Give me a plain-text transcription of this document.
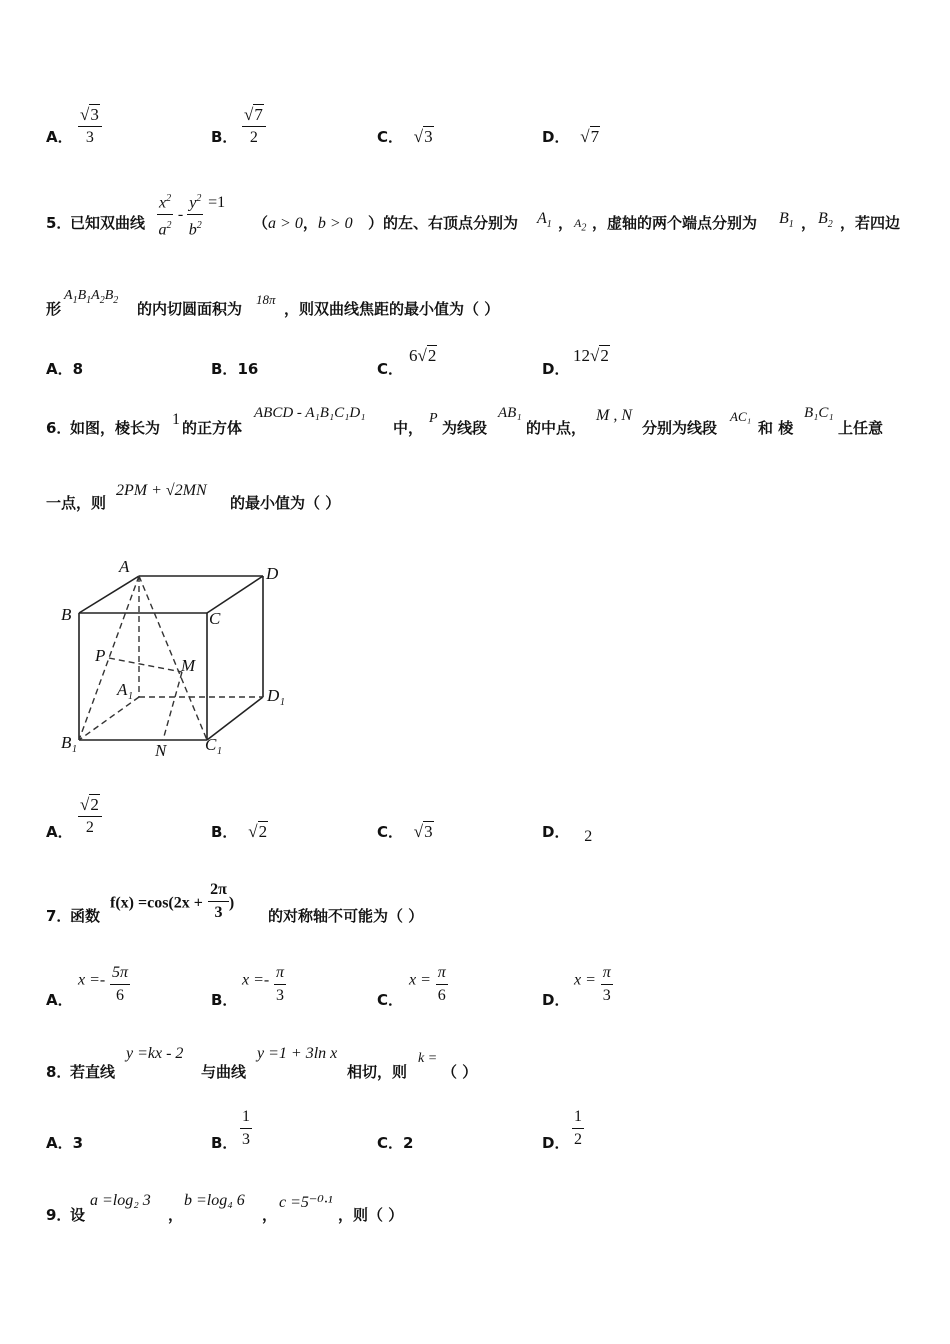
A． $\frac{√3}{3}$	B． $\frac{√7}{2}$	C． √3	D． √7
5．
已知双曲线 $\frac{x^2}{a^2} - \frac{y^2}{b^2} =1$
（a > 0，b > 0 ）的左、右顶点分别为 $A_1$ ， $A_2$ ，虚轴的两个端点分别为 $B_1$ ， $B_2$ ，若四边
形
$A_1B_1A_2B_2$ 的内切圆面积为
18π
，则双曲线焦距的最小值为（ ）
A．8	B．16	C．
6√2
D．
12√2
6．
如图，棱长为 1 的正方体
ABCD - A₁B₁C₁D₁
中，
P
为线段
AB₁
的中点，
M , N
分别为线段
AC₁
和 棱
B₁C₁
上任意
一点，则
2PM + √2MN
的最小值为（ ）
A
B	C
D
P
M
A 1	D 1
B 1	C 1
N
A． $\frac{√2}{2}$	B． √2	C． √3	D． 2
7．
函数
$f(x) =\cos(2x + \frac{2\pi}{3}$ )
的对称轴不可能为（ ）
A．
$x =- \frac{5\pi}{6}$	B．
$x =- \frac{\pi}{3}$	C．
$x = \frac{\pi}{6}$	D．
$x = \frac{\pi}{3}$
8．
若直线
y =kx - 2
与曲线
y =1 + 3ln x
相切，则
k =
（ ）
A．3	B． $\frac{1}{3}$	C．2	D． $\frac{1}{2}$
9．
设
a =log₂ 3
，
b =log₄ 6
，
c =5⁻⁰·¹
，则（ ）
